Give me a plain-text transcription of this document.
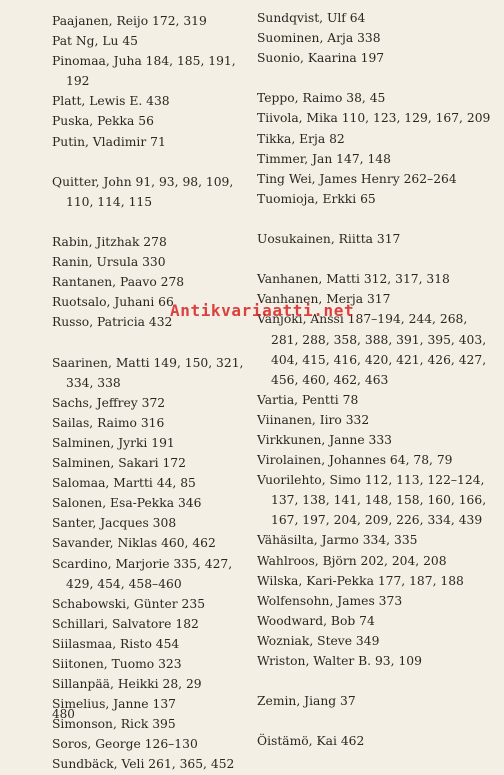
Paajanen, Reijo 172, 319
Pat Ng, Lu 45
Pinomaa, Juha 184, 185, 191, 192
Platt, Lewis E. 438
Puska, Pekka 56
Putin, Vladimir 71
Quitter, John 91, 93, 98, 109, 110, 114, 115
Rabin, Jitzhak 278
Ranin, Ursula 330
Rantanen, Paavo 278
Ruotsalo, Juhani 66
Russo, Patricia 432
Saarinen, Matti 149, 150, 321, 334, 338
Sachs, Jeffrey 372
Sailas, Raimo 316
Salminen, Jyrki 191
Salminen, Sakari 172
Salomaa, Martti 44, 85
Salonen, Esa-Pekka 346
Santer, Jacques 308
Savander, Niklas 460, 462
Scardino, Marjorie 335, 427, 429, 454, 458–460
Schabowski, Günter 235
Schillari, Salvatore 182
Siilasmaa, Risto 454
Siitonen, Tuomo 323
Sillanpää, Heikki 28, 29
Simelius, Janne 137
Simonson, Rick 395
Soros, George 126–130
Sundbäck, Veli 261, 365, 452
Sundqvist, Ulf 64
Suominen, Arja 338
Suonio, Kaarina 197
Teppo, Raimo 38, 45
Tiivola, Mika 110, 123, 129, 167, 209
Tikka, Erja 82
Timmer, Jan 147, 148
Ting Wei, James Henry 262–264
Tuomioja, Erkki 65
Uosukainen, Riitta 317
Vanhanen, Matti 312, 317, 318
Vanhanen, Merja 317
Vanjoki, Anssi 187–194, 244, 268, 281, 288, 358, 388, 391, 395, 403, 404, 415, 416, 420, 421, 426, 427, 456, 460, 462, 463
Vartia, Pentti 78
Viinanen, Iiro 332
Virkkunen, Janne 333
Virolainen, Johannes 64, 78, 79
Vuorilehto, Simo 112, 113, 122–124, 137, 138, 141, 148, 158, 160, 166, 167, 197, 204, 209, 226, 334, 439
Vähäsilta, Jarmo 334, 335
Wahlroos, Björn 202, 204, 208
Wilska, Kari-Pekka 177, 187, 188
Wolfensohn, James 373
Woodward, Bob 74
Wozniak, Steve 349
Wriston, Walter B. 93, 109
Zemin, Jiang 37
Öistämö, Kai 462
480
Antikvariaatti.net
